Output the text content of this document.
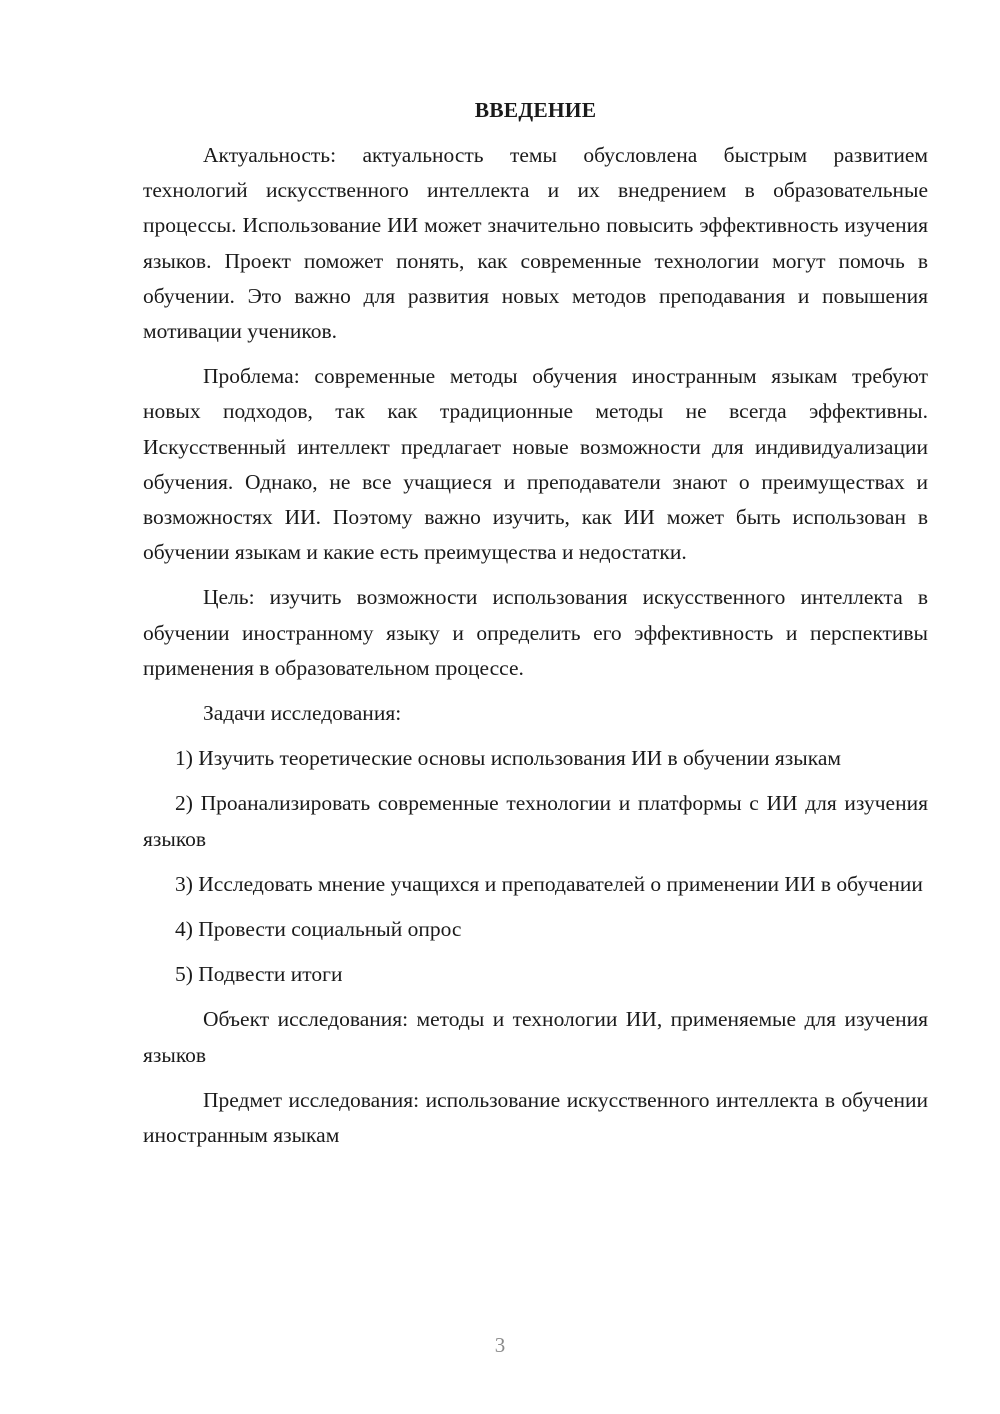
ВВЕДЕНИЕ

Актуальность: актуальность темы обусловлена быстрым развитием технологий искусственного интеллекта и их внедрением в образовательные процессы. Использование ИИ может значительно повысить эффективность изучения языков. Проект поможет понять, как современные технологии могут помочь в обучении. Это важно для развития новых методов преподавания и повышения мотивации учеников.

Проблема: современные методы обучения иностранным языкам требуют новых подходов, так как традиционные методы не всегда эффективны. Искусственный интеллект предлагает новые возможности для индивидуализации обучения. Однако, не все учащиеся и преподаватели знают о преимуществах и возможностях ИИ. Поэтому важно изучить, как ИИ может быть использован в обучении языкам и какие есть преимущества и недостатки.

Цель: изучить возможности использования искусственного интеллекта в обучении иностранному языку и определить его эффективность и перспективы применения в образовательном процессе.

Задачи исследования:

1) Изучить теоретические основы использования ИИ в обучении языкам

2) Проанализировать современные технологии и платформы с ИИ для изучения языков

3) Исследовать мнение учащихся и преподавателей о применении ИИ в обучении

4) Провести социальный опрос

5) Подвести итоги

Объект исследования: методы и технологии ИИ, применяемые для изучения языков

Предмет исследования: использование искусственного интеллекта в обучении иностранным языкам

3
